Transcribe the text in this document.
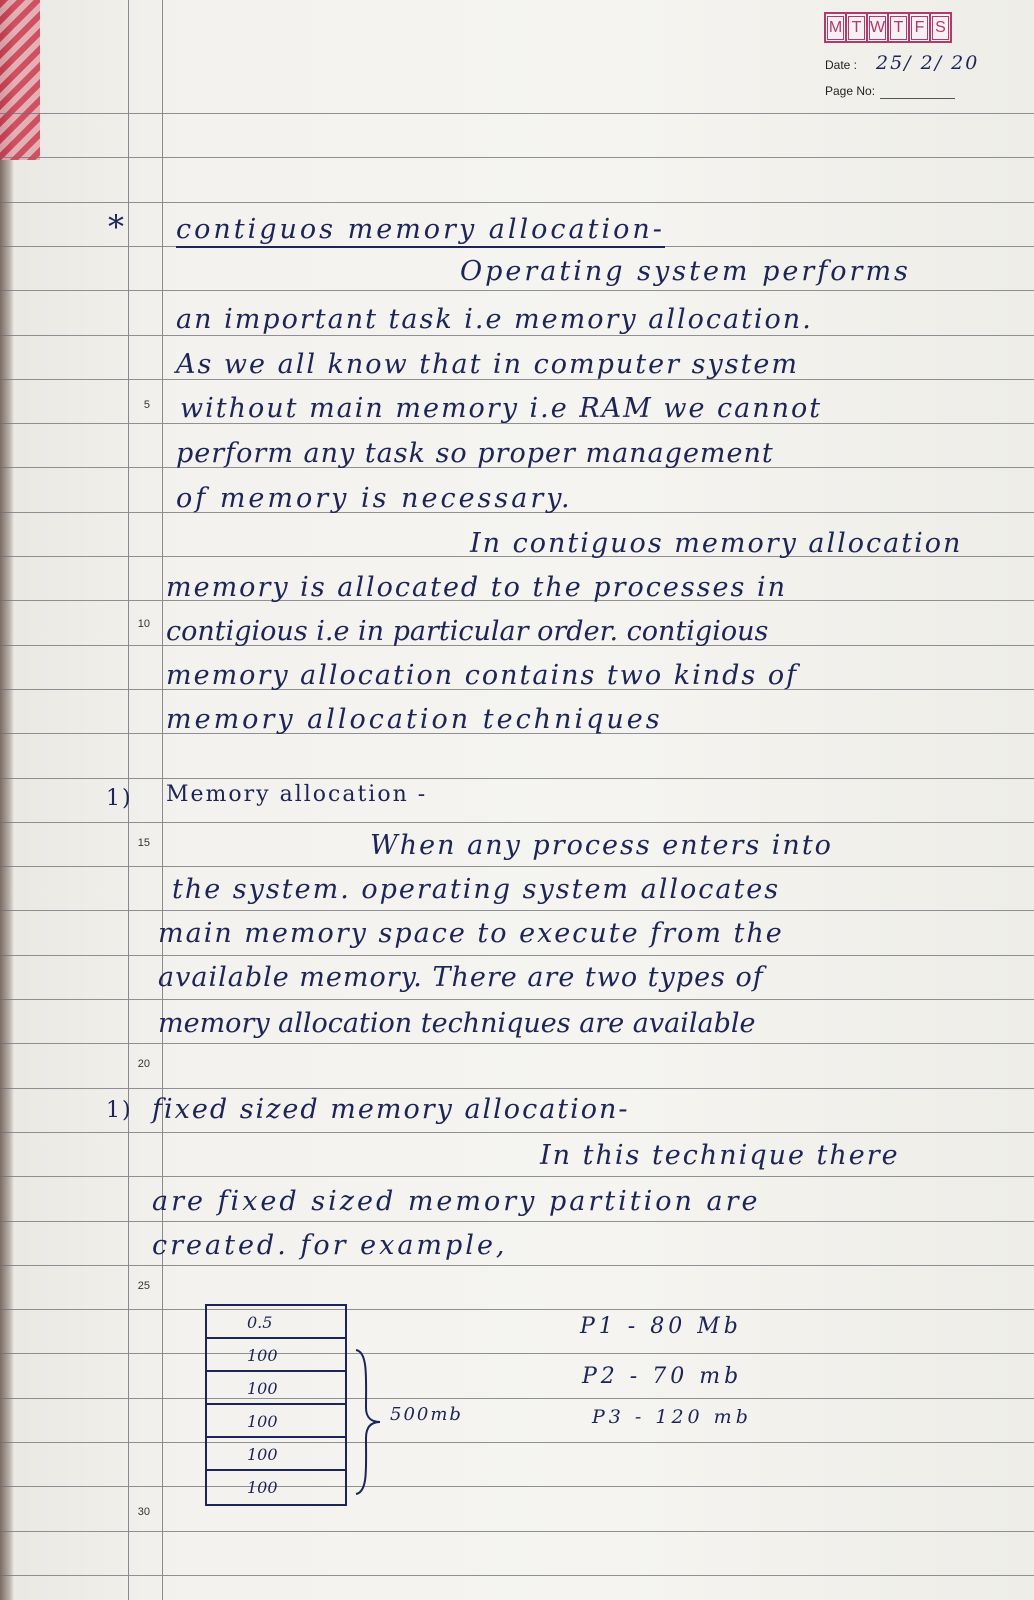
M T W T F S
Date : 25/ 2/ 20
Page No:
5
10
15
20
25
30
* contiguos memory allocation-
Operating system performs
an important task i.e memory allocation.
As we all know that in computer system
without main memory i.e RAM we cannot
perform any task so proper management
of memory is necessary.
In contiguos memory allocation
memory is allocated to the processes in
contigious i.e in particular order. contigious
memory allocation contains two kinds of
memory allocation techniques
1) Memory allocation -
When any process enters into
the system. operating system allocates
main memory space to execute from the
available memory. There are two types of
memory allocation techniques are available
1) fixed sized memory allocation-
In this technique there
are fixed sized memory partition are
created. for example,
0.5
100
100
100
100
100
500mb
P1 - 80 Mb
P2 - 70 mb
P3 - 120 mb
